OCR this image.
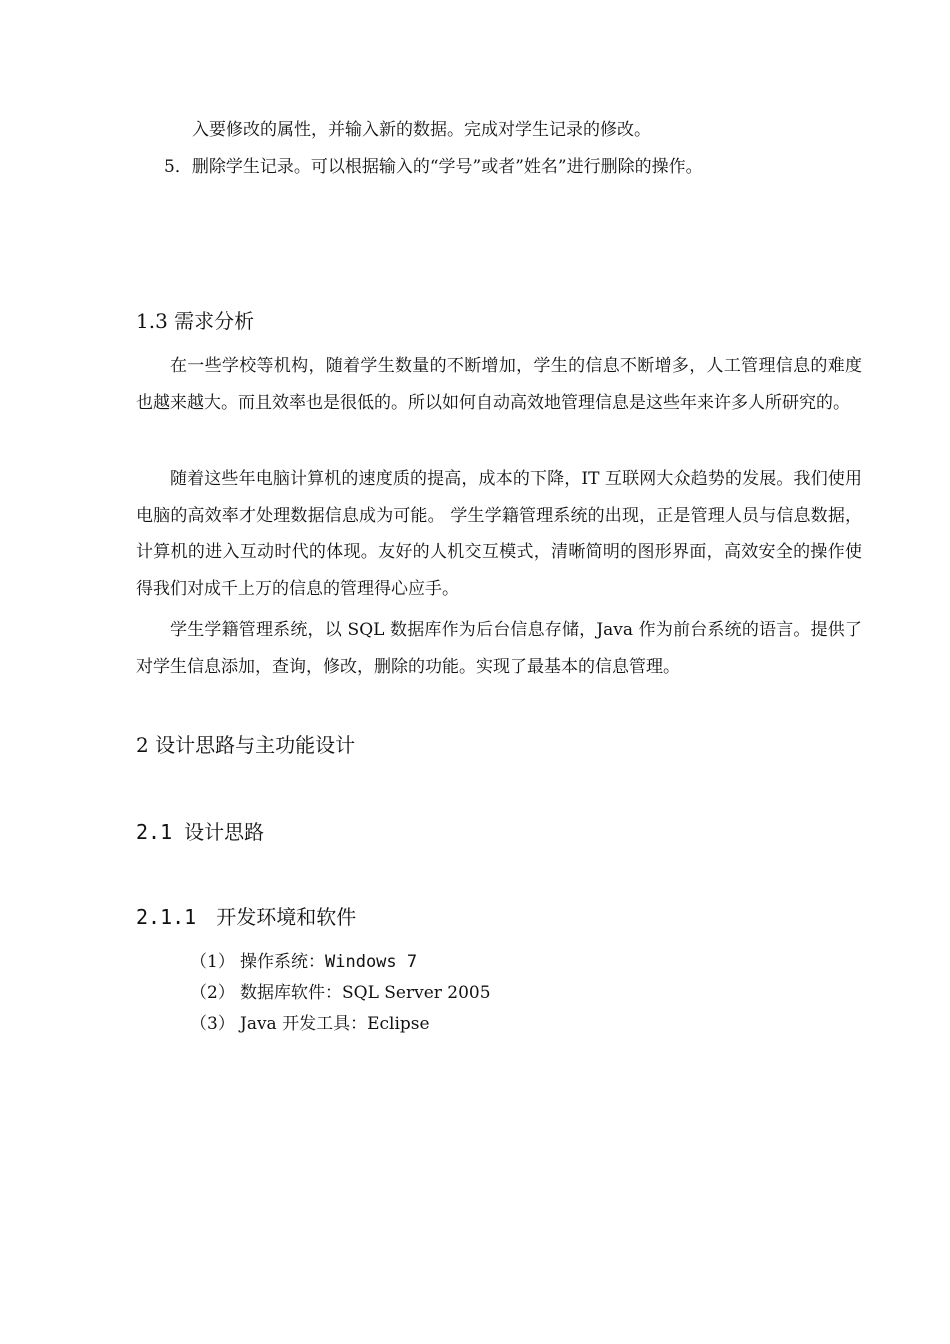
入要修改的属性，并输入新的数据。完成对学生记录的修改。
5．删除学生记录。可以根据输入的“学号”或者”姓名”进行删除的操作。
1.3 需求分析

在一些学校等机构，随着学生数量的不断增加，学生的信息不断增多，人工管理信息的难度也越来越大。而且效率也是很低的。所以如何自动高效地管理信息是这些年来许多人所研究的。

随着这些年电脑计算机的速度质的提高，成本的下降，IT 互联网大众趋势的发展。我们使用电脑的高效率才处理数据信息成为可能。 学生学籍管理系统的出现，正是管理人员与信息数据，计算机的进入互动时代的体现。友好的人机交互模式，清晰简明的图形界面，高效安全的操作使得我们对成千上万的信息的管理得心应手。

学生学籍管理系统，以 SQL 数据库作为后台信息存储，Java 作为前台系统的语言。提供了对学生信息添加，查询，修改，删除的功能。实现了最基本的信息管理。

2 设计思路与主功能设计
2.1 设计思路
2.1.1　开发环境和软件
（1） 操作系统：Windows 7
（2） 数据库软件：SQL Server 2005
（3） Java 开发工具：Eclipse
